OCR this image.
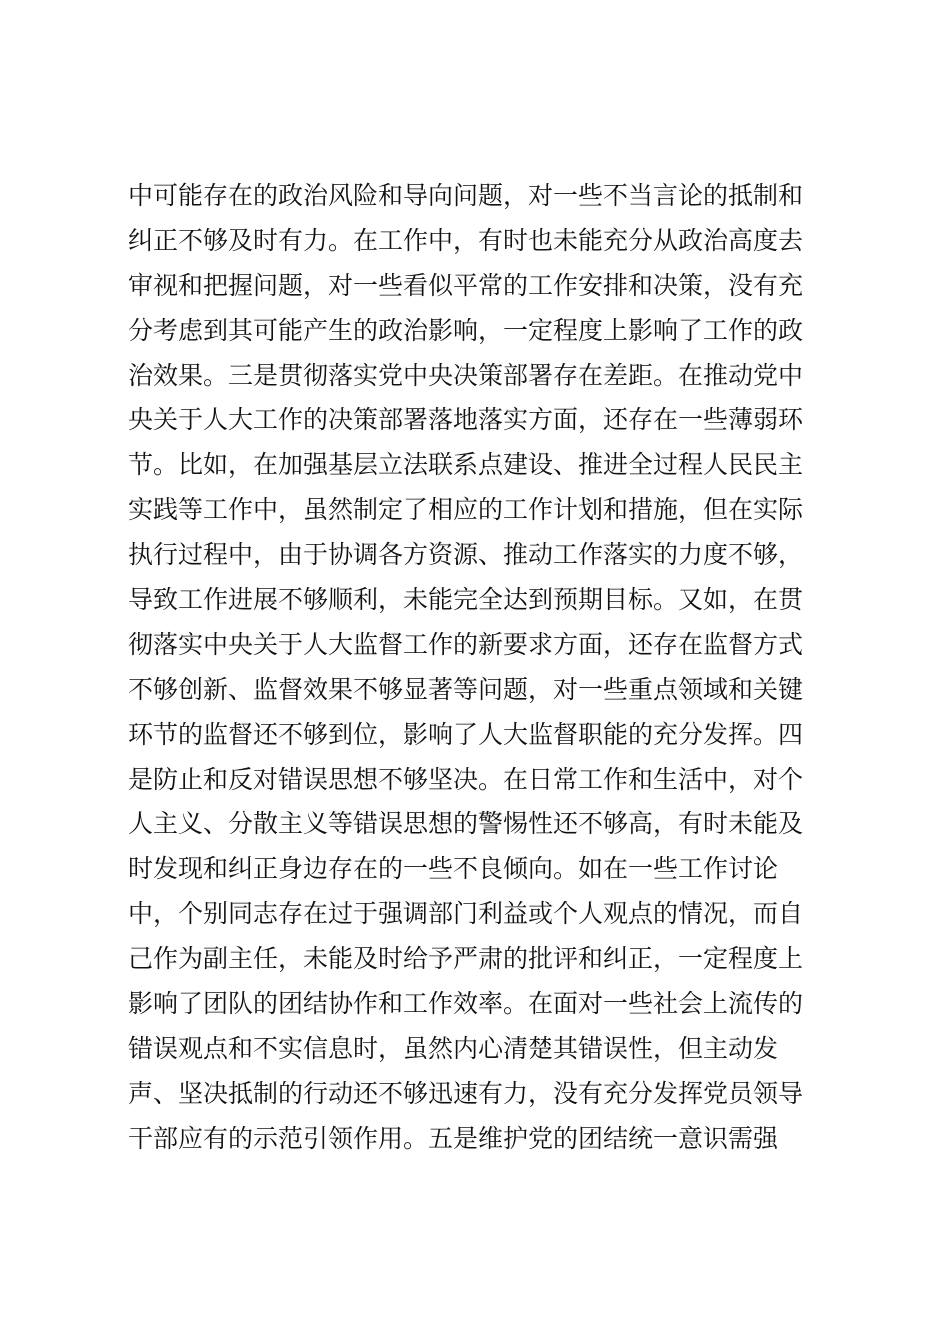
中可能存在的政治风险和导向问题，对一些不当言论的抵制和
纠正不够及时有力。在工作中，有时也未能充分从政治高度去
审视和把握问题，对一些看似平常的工作安排和决策，没有充
分考虑到其可能产生的政治影响，一定程度上影响了工作的政
治效果。三是贯彻落实党中央决策部署存在差距。在推动党中
央关于人大工作的决策部署落地落实方面，还存在一些薄弱环
节。比如，在加强基层立法联系点建设、推进全过程人民民主
实践等工作中，虽然制定了相应的工作计划和措施，但在实际
执行过程中，由于协调各方资源、推动工作落实的力度不够，
导致工作进展不够顺利，未能完全达到预期目标。又如，在贯
彻落实中央关于人大监督工作的新要求方面，还存在监督方式
不够创新、监督效果不够显著等问题，对一些重点领域和关键
环节的监督还不够到位，影响了人大监督职能的充分发挥。四
是防止和反对错误思想不够坚决。在日常工作和生活中，对个
人主义、分散主义等错误思想的警惕性还不够高，有时未能及
时发现和纠正身边存在的一些不良倾向。如在一些工作讨论
中，个别同志存在过于强调部门利益或个人观点的情况，而自
己作为副主任，未能及时给予严肃的批评和纠正，一定程度上
影响了团队的团结协作和工作效率。在面对一些社会上流传的
错误观点和不实信息时，虽然内心清楚其错误性，但主动发
声、坚决抵制的行动还不够迅速有力，没有充分发挥党员领导
干部应有的示范引领作用。五是维护党的团结统一意识需强
